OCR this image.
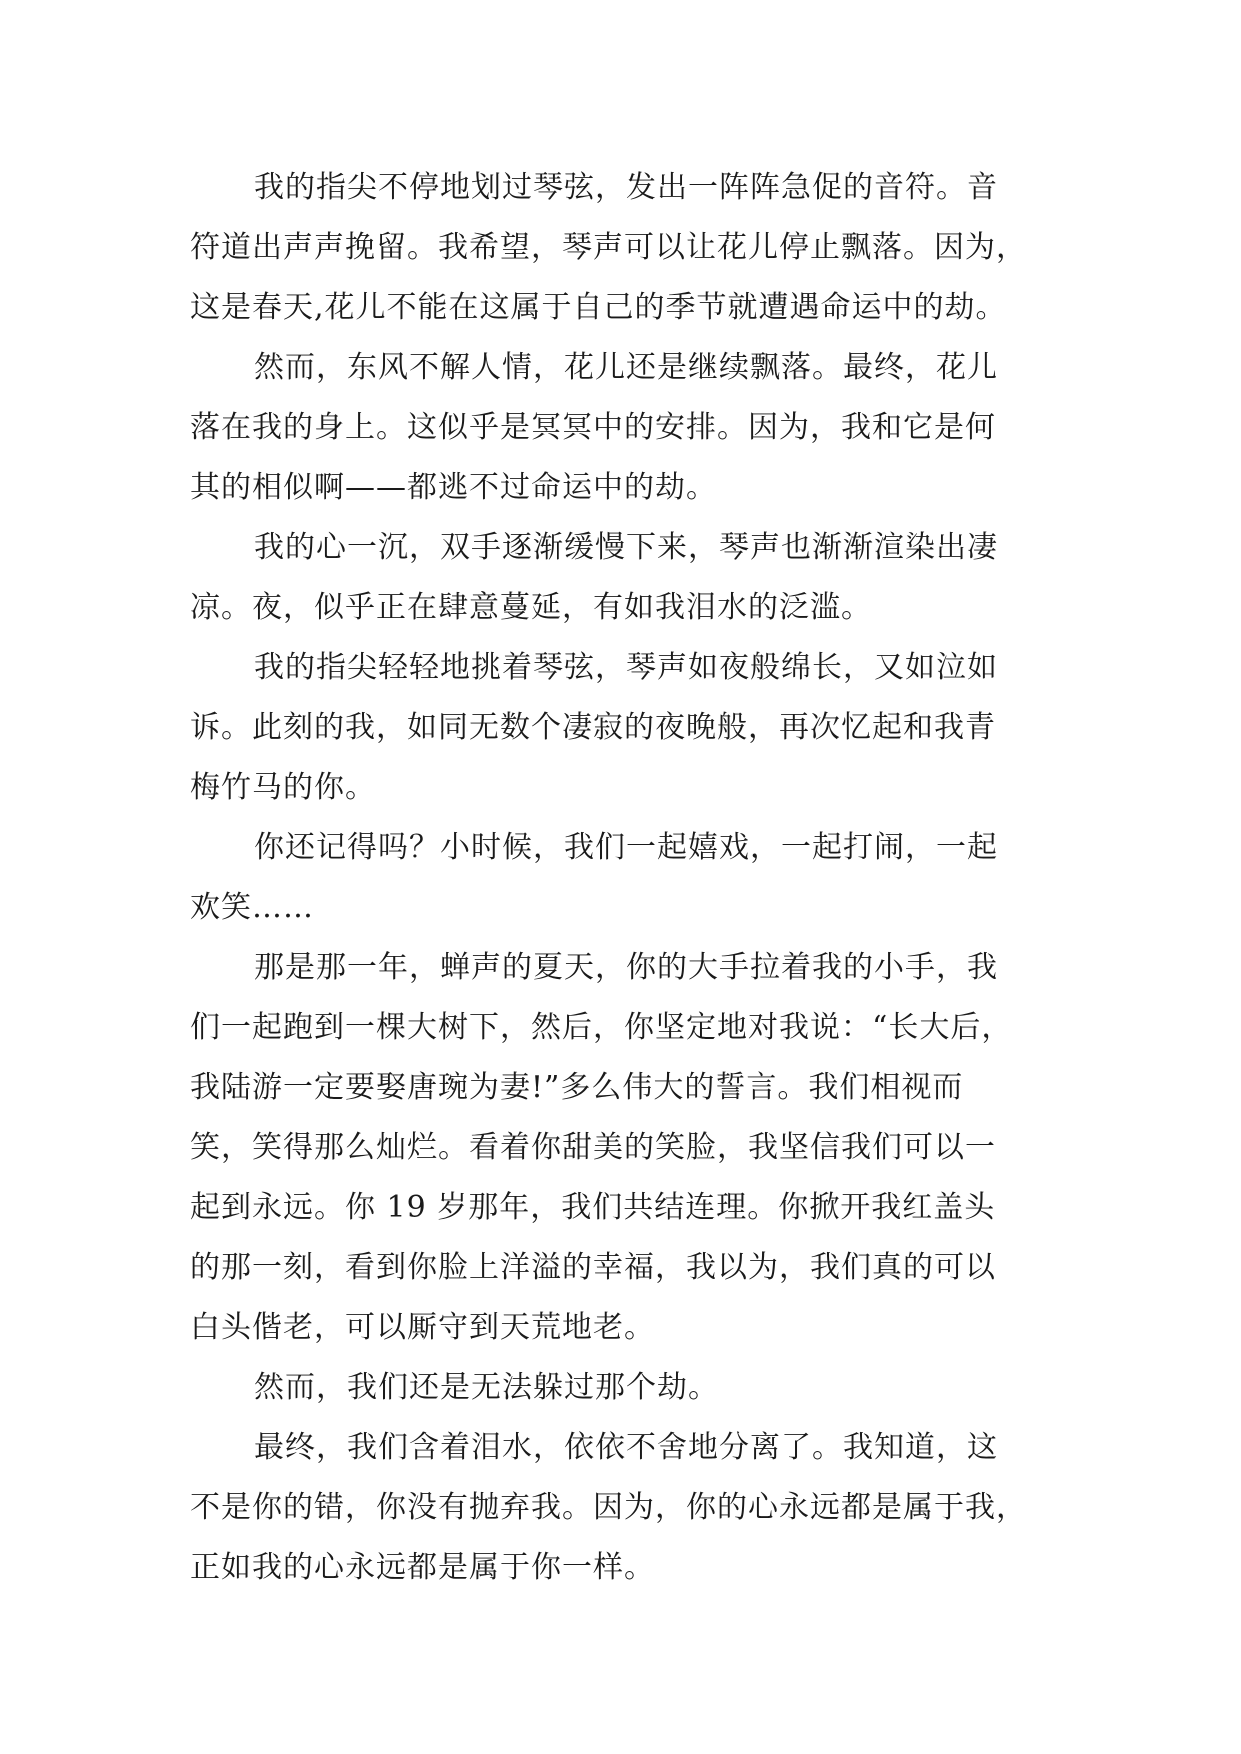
我的指尖不停地划过琴弦，发出一阵阵急促的音符。音
符道出声声挽留。我希望，琴声可以让花儿停止飘落。因为，
这是春天,花儿不能在这属于自己的季节就遭遇命运中的劫。
然而，东风不解人情，花儿还是继续飘落。最终，花儿
落在我的身上。这似乎是冥冥中的安排。因为，我和它是何
其的相似啊——都逃不过命运中的劫。
我的心一沉，双手逐渐缓慢下来，琴声也渐渐渲染出凄
凉。夜，似乎正在肆意蔓延，有如我泪水的泛滥。
我的指尖轻轻地挑着琴弦，琴声如夜般绵长，又如泣如
诉。此刻的我，如同无数个凄寂的夜晚般，再次忆起和我青
梅竹马的你。
你还记得吗？小时候，我们一起嬉戏，一起打闹，一起
欢笑……
那是那一年，蝉声的夏天，你的大手拉着我的小手，我
们一起跑到一棵大树下，然后，你坚定地对我说：“长大后，
我陆游一定要娶唐琬为妻!”多么伟大的誓言。我们相视而
笑，笑得那么灿烂。看着你甜美的笑脸，我坚信我们可以一
起到永远。你 19 岁那年，我们共结连理。你掀开我红盖头
的那一刻，看到你脸上洋溢的幸福，我以为，我们真的可以
白头偕老，可以厮守到天荒地老。
然而，我们还是无法躲过那个劫。
最终，我们含着泪水，依依不舍地分离了。我知道，这
不是你的错，你没有抛弃我。因为，你的心永远都是属于我，
正如我的心永远都是属于你一样。
